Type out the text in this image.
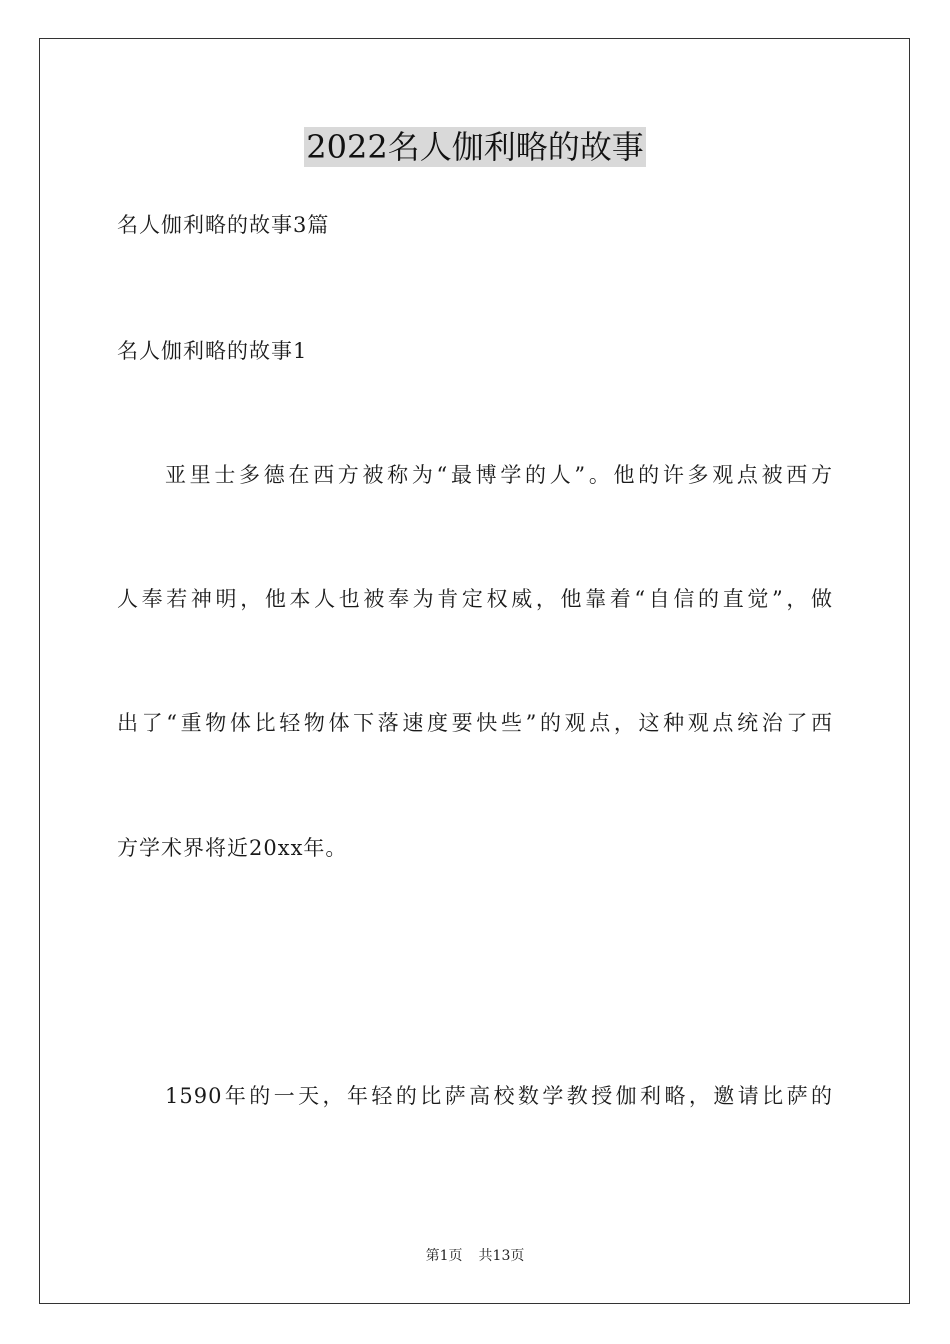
2022名人伽利略的故事
名人伽利略的故事3篇
名人伽利略的故事1
亚里士多德在西方被称为“最博学的人”。他的许多观点被西方
人奉若神明，他本人也被奉为肯定权威，他靠着“自信的直觉”，做
出了“重物体比轻物体下落速度要快些”的观点，这种观点统治了西
方学术界将近20xx年。
1590年的一天，年轻的比萨高校数学教授伽利略，邀请比萨的
第1页 共13页
